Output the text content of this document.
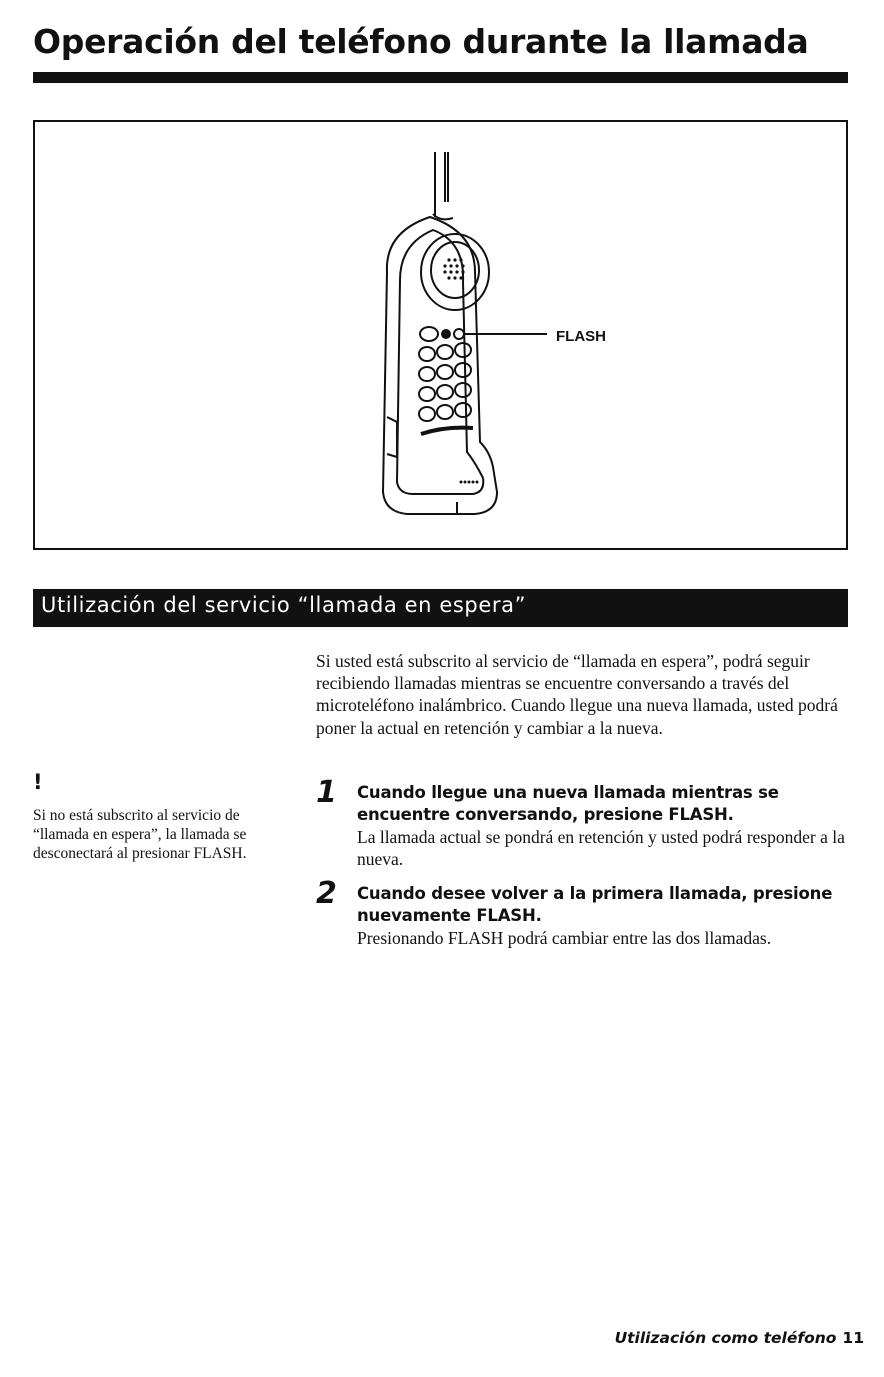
Operación del teléfono durante la llamada
FLASH
Utilización del servicio “llamada en espera”
!
Si no está subscrito al servicio de “llamada en espera”, la llamada se desconectará al presionar FLASH.
Si usted está subscrito al servicio de “llamada en espera”, podrá seguir recibiendo llamadas mientras se encuentre conversando a través del microteléfono inalámbrico. Cuando llegue una nueva llamada, usted podrá poner la actual en retención y cambiar a la nueva.
1 Cuando llegue una nueva llamada mientras se encuentre conversando, presione FLASH.
La llamada actual se pondrá en retención y usted podrá responder a la nueva.
2 Cuando desee volver a la primera llamada, presione nuevamente FLASH.
Presionando FLASH podrá cambiar entre las dos llamadas.
Utilización como teléfono 11
